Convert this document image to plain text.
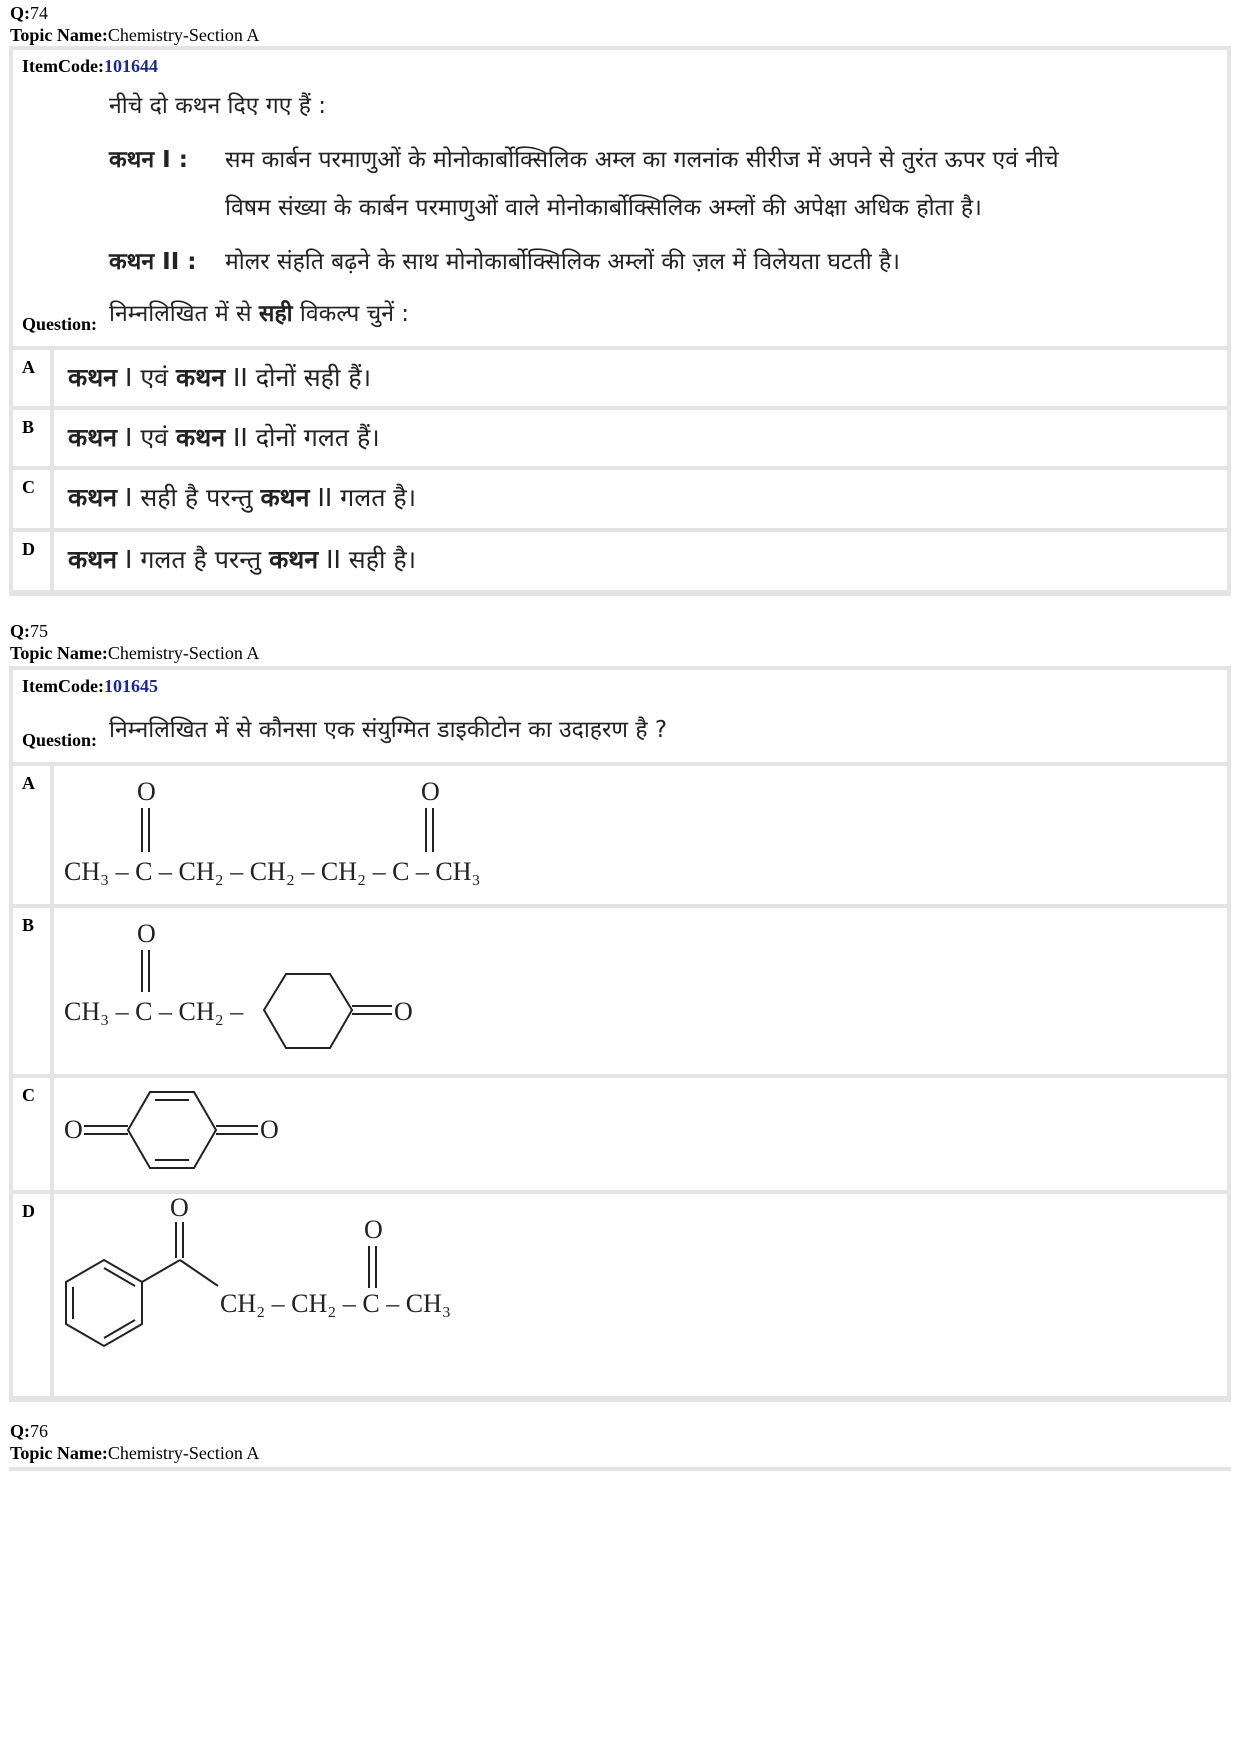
Q:74
Topic Name:Chemistry-Section A
ItemCode:101644
नीचे दो कथन दिए गए हैं :
कथन I : सम कार्बन परमाणुओं के मोनोकार्बोक्सिलिक अम्ल का गलनांक सीरीज में अपने से तुरंत ऊपर एवं नीचे
विषम संख्या के कार्बन परमाणुओं वाले मोनोकार्बोक्सिलिक अम्लों की अपेक्षा अधिक होता है।
कथन II : मोलर संहति बढ़ने के साथ मोनोकार्बोक्सिलिक अम्लों की ज़ल में विलेयता घटती है।
निम्नलिखित में से सही विकल्प चुनें :
Question:
A	कथन I एवं कथन II दोनों सही हैं।
B	कथन I एवं कथन II दोनों गलत हैं।
C	कथन I सही है परन्तु कथन II गलत है।
D	कथन I गलत है परन्तु कथन II सही है।
Q:75
Topic Name:Chemistry-Section A
ItemCode:101645
निम्नलिखित में से कौनसा एक संयुग्मित डाइकीटोन का उदाहरण है ?
Question:
A	O	O
CH₃ – C – CH₂ – CH₂ – CH₂ – C – CH₃
B	O
CH₃ – C – CH₂ –	O
C
O	O
D	O
O
CH₂ – CH₂ – C – CH₃
Q:76
Topic Name:Chemistry-Section A
